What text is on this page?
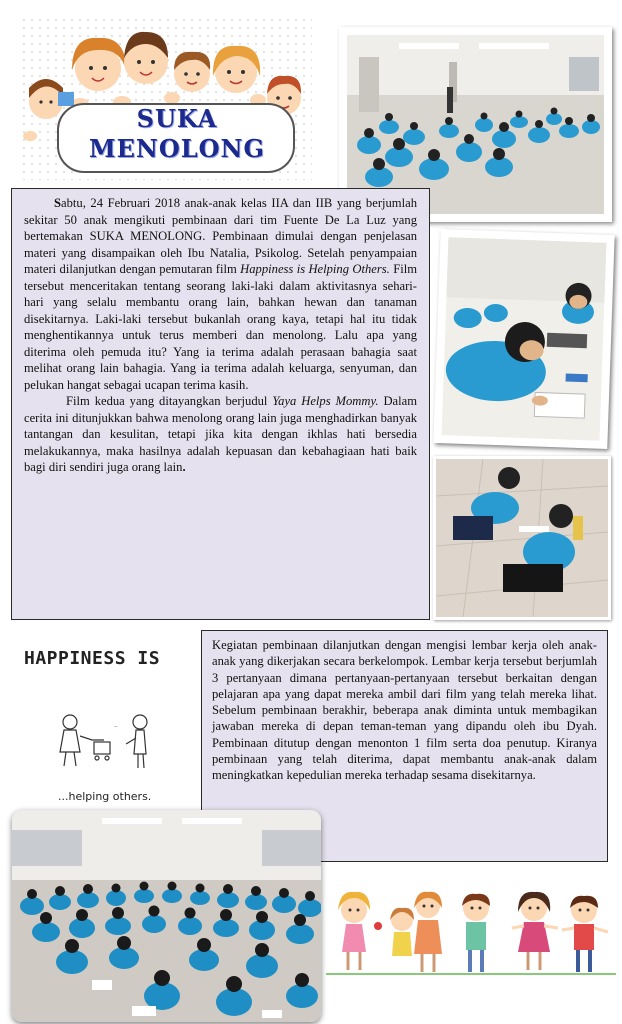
SUKA
MENOLONG

Sabtu, 24 Februari 2018 anak-anak kelas IIA dan IIB yang berjumlah sekitar 50 anak mengikuti pembinaan dari tim Fuente De La Luz yang bertemakan SUKA MENOLONG. Pembinaan dimulai dengan penjelasan materi yang disampaikan oleh Ibu Natalia, Psikolog. Setelah penyampaian materi dilanjutkan dengan pemutaran film Happiness is Helping Others. Film tersebut menceritakan tentang seorang laki-laki dalam aktivitasnya sehari-hari yang selalu membantu orang lain, bahkan hewan dan tanaman disekitarnya. Laki-laki tersebut bukanlah orang kaya, tetapi hal itu tidak menghentikannya untuk terus memberi dan menolong. Lalu apa yang diterima oleh pemuda itu? Yang ia terima adalah perasaan bahagia saat melihat orang lain bahagia. Yang ia terima adalah keluarga, senyuman, dan pelukan hangat sebagai ucapan terima kasih.

Film kedua yang ditayangkan berjudul Yaya Helps Mommy. Dalam cerita ini ditunjukkan bahwa menolong orang lain juga menghadirkan banyak tantangan dan kesulitan, tetapi jika kita dengan ikhlas hati bersedia melakukannya, maka hasilnya adalah kepuasan dan kebahagiaan hati baik bagi diri sendiri juga orang lain.

HAPPINESS IS
~
...helping others.

Kegiatan pembinaan dilanjutkan dengan mengisi lembar kerja oleh anak-anak yang dikerjakan secara berkelompok. Lembar kerja tersebut berjumlah 3 pertanyaan dimana pertanyaan-pertanyaan tersebut berkaitan dengan pelajaran apa yang dapat mereka ambil dari film yang telah mereka lihat. Sebelum pembinaan berakhir, beberapa anak diminta untuk membagikan jawaban mereka di depan teman-teman yang dipandu oleh ibu Dyah. Pembinaan ditutup dengan menonton 1 film serta doa penutup. Kiranya pembinaan yang telah diterima, dapat membantu anak-anak dalam meningkatkan kepedulian mereka terhadap sesama disekitarnya.
